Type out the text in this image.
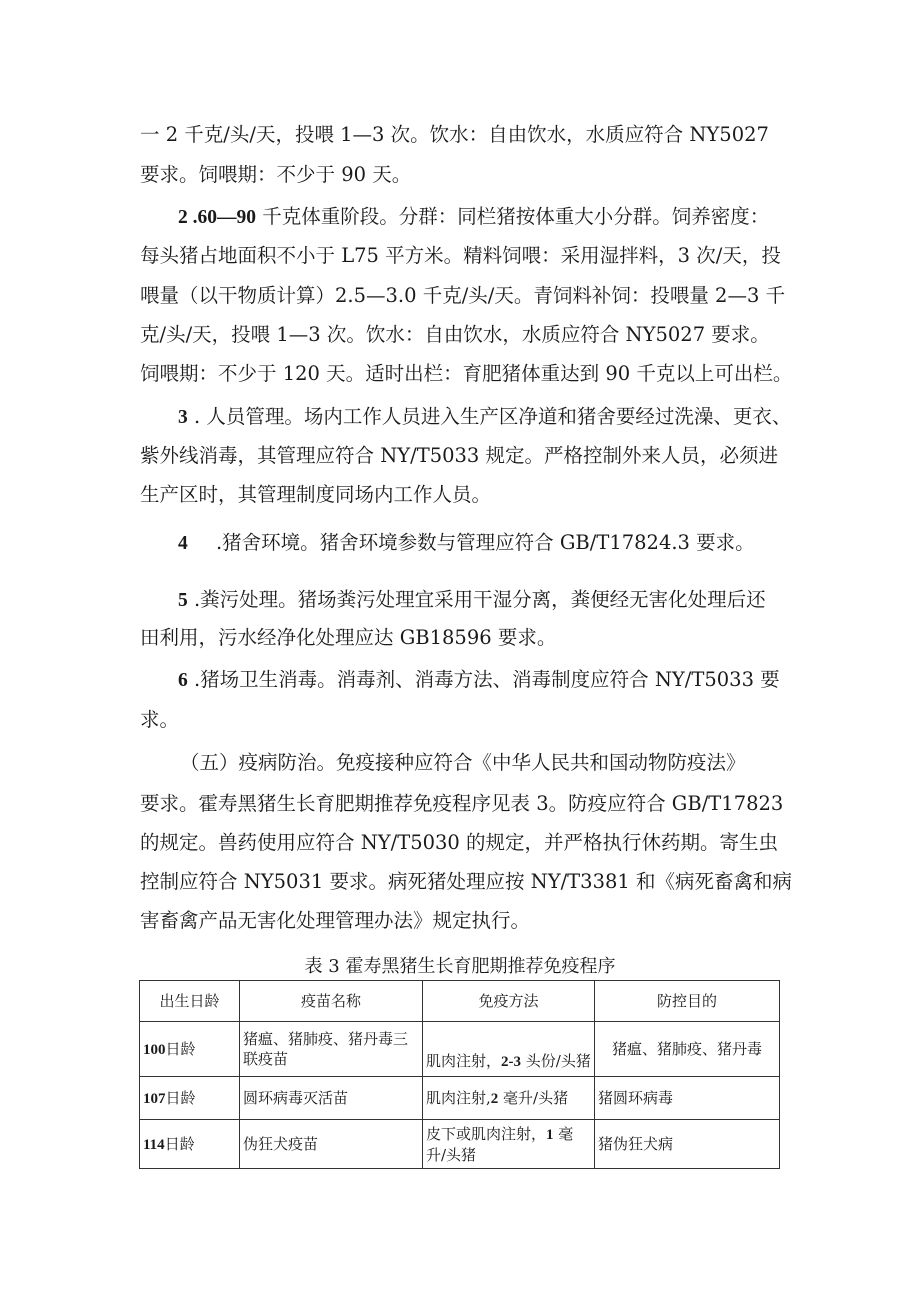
一 2 千克/头/天，投喂 1—3 次。饮水：自由饮水，水质应符合 NY5027
要求。饲喂期：不少于 90 天。
2 .60—90 千克体重阶段。分群：同栏猪按体重大小分群。饲养密度：
每头猪占地面积不小于 L75 平方米。精料饲喂：采用湿拌料，3 次/天，投
喂量（以干物质计算）2.5—3.0 千克/头/天。青饲料补饲：投喂量 2—3 千
克/头/天，投喂 1—3 次。饮水：自由饮水，水质应符合 NY5027 要求。
饲喂期：不少于 120 天。适时出栏：育肥猪体重达到 90 千克以上可出栏。
3 . 人员管理。场内工作人员进入生产区净道和猪舍要经过洗澡、更衣、
紫外线消毒，其管理应符合 NY/T5033 规定。严格控制外来人员，必须进
生产区时，其管理制度同场内工作人员。
4 .猪舍环境。猪舍环境参数与管理应符合 GB/T17824.3 要求。
5 .粪污处理。猪场粪污处理宜采用干湿分离，粪便经无害化处理后还
田利用，污水经净化处理应达 GB18596 要求。
6 .猪场卫生消毒。消毒剂、消毒方法、消毒制度应符合 NY/T5033 要
求。
（五）疫病防治。免疫接种应符合《中华人民共和国动物防疫法》
要求。霍寿黑猪生长育肥期推荐免疫程序见表 3。防疫应符合 GB/T17823
的规定。兽药使用应符合 NY/T5030 的规定，并严格执行休药期。寄生虫
控制应符合 NY5031 要求。病死猪处理应按 NY/T3381 和《病死畜禽和病
害畜禽产品无害化处理管理办法》规定执行。
表 3 霍寿黑猪生长育肥期推荐免疫程序
出生日龄	疫苗名称	免疫方法	防控目的
100日龄	猪瘟、猪肺疫、猪丹毒三联疫苗	肌肉注射，2-3 头份/头猪	猪瘟、猪肺疫、猪丹毒
107日龄	圆环病毒灭活苗	肌肉注射,2 毫升/头猪	猪圆环病毒
114日龄	伪狂犬疫苗	皮下或肌肉注射，1 毫升/头猪	猪伪狂犬病
